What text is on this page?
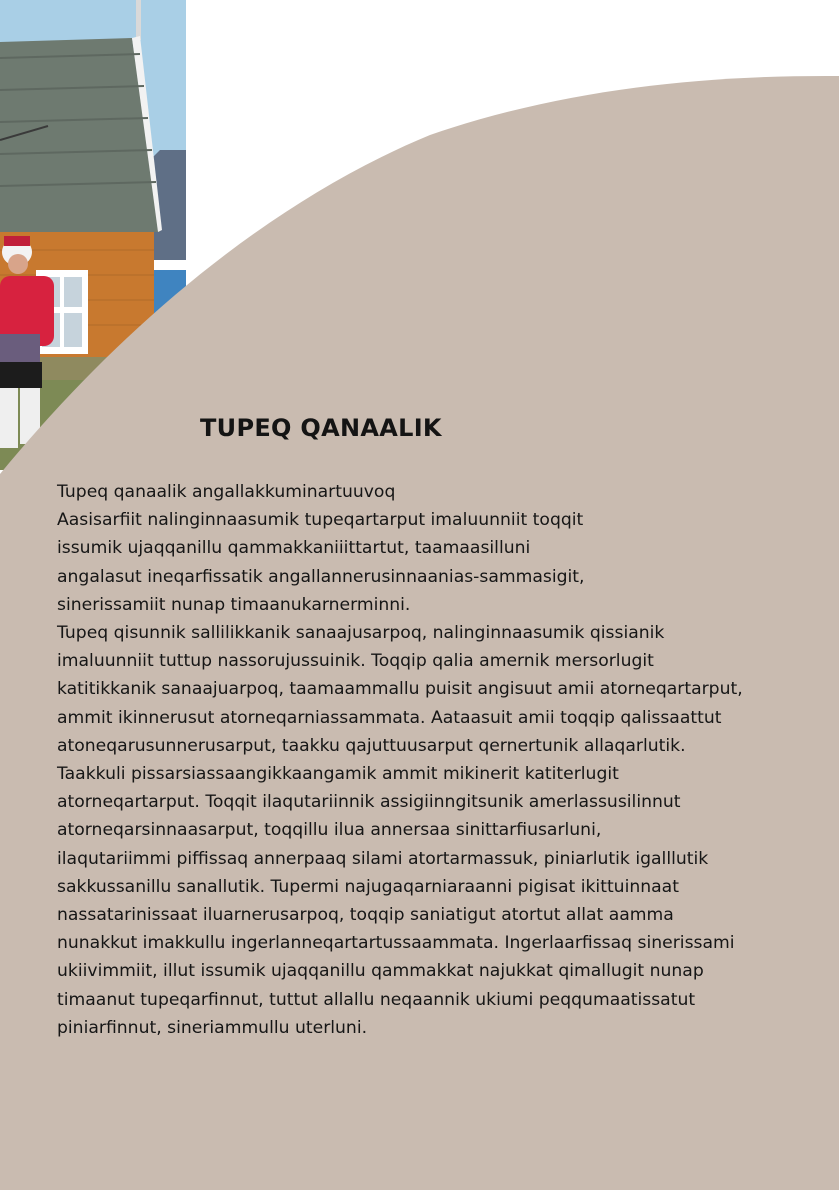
TUPEQ QANAALIK
Tupeq qanaalik angallakkuminartuuvoq
Aasisarfiit nalinginnaasumik tupeqartarput imaluunniit toqqit
issumik ujaqqanillu qammakkaniiittartut, taamaasilluni
angalasut ineqarfissatik angallannerusinnaanias-sammasigit,
sinerissamiit nunap timaanukarnerminni.
Tupeq qisunnik sallilikkanik sanaajusarpoq, nalinginnaasumik qissianik
imaluunniit tuttup nassorujussuinik. Toqqip qalia amernik mersorlugit
katitikkanik sanaajuarpoq, taamaammallu puisit angisuut amii atorneqartarput,
ammit ikinnerusut atorneqarniassammata. Aataasuit amii toqqip qalissaattut
atoneqarusunnerusarput, taakku qajuttuusarput qernertunik allaqarlutik.
Taakkuli pissarsiassaangikkaangamik ammit mikinerit katiterlugit
atorneqartarput. Toqqit ilaqutariinnik assigiinngitsunik amerlassusilinnut
atorneqarsinnaasarput, toqqillu ilua annersaa sinittarfiusarluni,
ilaqutariimmi piffissaq annerpaaq silami atortarmassuk, piniarlutik igalllutik
sakkussanillu sanallutik. Tupermi najugaqarniaraanni pigisat ikittuinnaat
nassatarinissaat iluarnerusarpoq, toqqip saniatigut atortut allat aamma
nunakkut imakkullu ingerlanneqartartussaammata. Ingerlaarfissaq sinerissami
ukiivimmiit, illut issumik ujaqqanillu qammakkat najukkat qimallugit nunap
timaanut tupeqarfinnut, tuttut allallu neqaannik ukiumi peqqumaatissatut
piniarfinnut, sineriammullu uterluni.
